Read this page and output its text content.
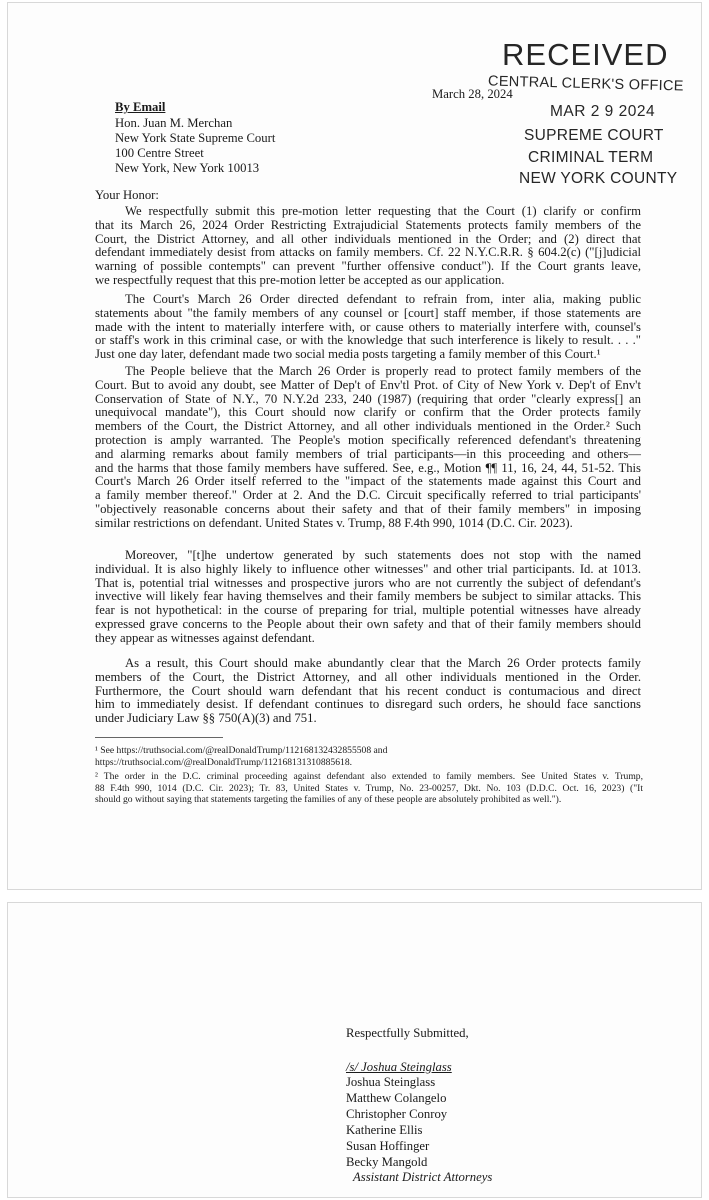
RECEIVED
CENTRAL CLERK'S OFFICE
MAR 2 9 2024
SUPREME COURT
CRIMINAL TERM
NEW YORK COUNTY
March 28, 2024
By Email
Hon. Juan M. Merchan
New York State Supreme Court
100 Centre Street
New York, New York 10013
Your Honor:
We respectfully submit this pre-motion letter requesting that the Court (1) clarify or confirm
that its March 26, 2024 Order Restricting Extrajudicial Statements protects family members of the
Court, the District Attorney, and all other individuals mentioned in the Order; and (2) direct that
defendant immediately desist from attacks on family members. Cf. 22 N.Y.C.R.R. § 604.2(c) ("[j]udicial
warning of possible contempts" can prevent "further offensive conduct"). If the Court grants leave,
we respectfully request that this pre-motion letter be accepted as our application.
The Court's March 26 Order directed defendant to refrain from, inter alia, making public
statements about "the family members of any counsel or [court] staff member, if those statements are
made with the intent to materially interfere with, or cause others to materially interfere with, counsel's
or staff's work in this criminal case, or with the knowledge that such interference is likely to result. . . ."
Just one day later, defendant made two social media posts targeting a family member of this Court.¹
The People believe that the March 26 Order is properly read to protect family members of the
Court. But to avoid any doubt, see Matter of Dep't of Env'tl Prot. of City of New York v. Dep't of Env't
Conservation of State of N.Y., 70 N.Y.2d 233, 240 (1987) (requiring that order "clearly express[] an
unequivocal mandate"), this Court should now clarify or confirm that the Order protects family
members of the Court, the District Attorney, and all other individuals mentioned in the Order.² Such
protection is amply warranted. The People's motion specifically referenced defendant's threatening
and alarming remarks about family members of trial participants—in this proceeding and others—
and the harms that those family members have suffered. See, e.g., Motion ¶¶ 11, 16, 24, 44, 51-52. This
Court's March 26 Order itself referred to the "impact of the statements made against this Court and
a family member thereof." Order at 2. And the D.C. Circuit specifically referred to trial participants'
"objectively reasonable concerns about their safety and that of their family members" in imposing
similar restrictions on defendant. United States v. Trump, 88 F.4th 990, 1014 (D.C. Cir. 2023).
Moreover, "[t]he undertow generated by such statements does not stop with the named
individual. It is also highly likely to influence other witnesses" and other trial participants. Id. at 1013.
That is, potential trial witnesses and prospective jurors who are not currently the subject of defendant's
invective will likely fear having themselves and their family members be subject to similar attacks. This
fear is not hypothetical: in the course of preparing for trial, multiple potential witnesses have already
expressed grave concerns to the People about their own safety and that of their family members should
they appear as witnesses against defendant.
As a result, this Court should make abundantly clear that the March 26 Order protects family
members of the Court, the District Attorney, and all other individuals mentioned in the Order.
Furthermore, the Court should warn defendant that his recent conduct is contumacious and direct
him to immediately desist. If defendant continues to disregard such orders, he should face sanctions
under Judiciary Law §§ 750(A)(3) and 751.
¹ See https://truthsocial.com/@realDonaldTrump/112168132432855508 and
https://truthsocial.com/@realDonaldTrump/112168131310885618.
² The order in the D.C. criminal proceeding against defendant also extended to family members. See United States v. Trump,
88 F.4th 990, 1014 (D.C. Cir. 2023); Tr. 83, United States v. Trump, No. 23-00257, Dkt. No. 103 (D.D.C. Oct. 16, 2023) ("It
should go without saying that statements targeting the families of any of these people are absolutely prohibited as well.").
Respectfully Submitted,
/s/ Joshua Steinglass
Joshua Steinglass
Matthew Colangelo
Christopher Conroy
Katherine Ellis
Susan Hoffinger
Becky Mangold
Assistant District Attorneys
